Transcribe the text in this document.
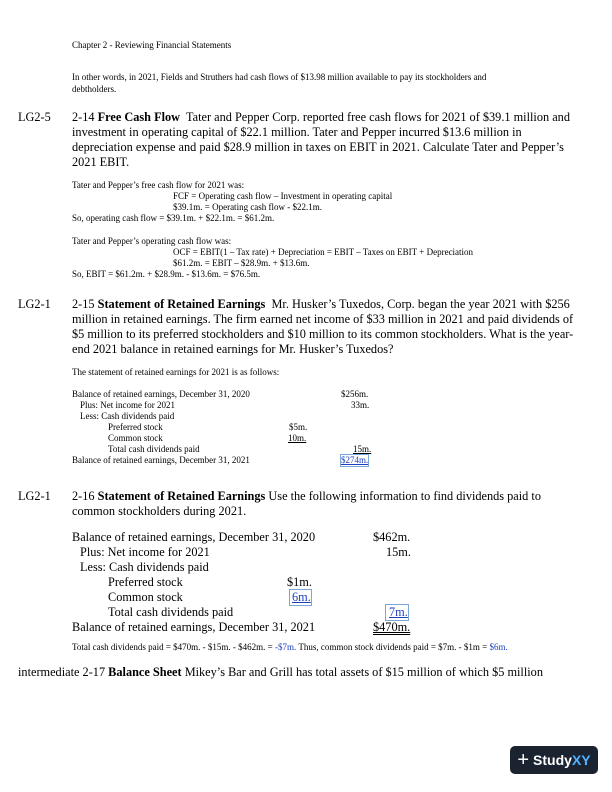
Chapter 2 - Reviewing Financial Statements
In other words, in 2021, Fields and Struthers had cash flows of $13.98 million available to pay its stockholders and
debtholders.
LG2-5 2-14 Free Cash Flow Tater and Pepper Corp. reported free cash flows for 2021 of $39.1 million and
investment in operating capital of $22.1 million. Tater and Pepper incurred $13.6 million in
depreciation expense and paid $28.9 million in taxes on EBIT in 2021. Calculate Tater and Pepper’s
2021 EBIT.
Tater and Pepper’s free cash flow for 2021 was:
FCF = Operating cash flow – Investment in operating capital
$39.1m. = Operating cash flow - $22.1m.
So, operating cash flow = $39.1m. + $22.1m. = $61.2m.
Tater and Pepper’s operating cash flow was:
OCF = EBIT(1 – Tax rate) + Depreciation = EBIT – Taxes on EBIT + Depreciation
$61.2m. = EBIT – $28.9m. + $13.6m.
So, EBIT = $61.2m. + $28.9m. - $13.6m. = $76.5m.
LG2-1 2-15 Statement of Retained Earnings Mr. Husker’s Tuxedos, Corp. began the year 2021 with $256
million in retained earnings. The firm earned net income of $33 million in 2021 and paid dividends of
$5 million to its preferred stockholders and $10 million to its common stockholders. What is the year-
end 2021 balance in retained earnings for Mr. Husker’s Tuxedos?
The statement of retained earnings for 2021 is as follows:
Balance of retained earnings, December 31, 2020	$256m.
Plus: Net income for 2021	33m.
Less: Cash dividends paid
Preferred stock	$5m.
Common stock	10m.
Total cash dividends paid	15m.
Balance of retained earnings, December 31, 2021	$274m.
LG2-1 2-16 Statement of Retained Earnings Use the following information to find dividends paid to
common stockholders during 2021.
Balance of retained earnings, December 31, 2020	$462m.
Plus: Net income for 2021	15m.
Less: Cash dividends paid
Preferred stock	$1m.
Common stock	6m.
Total cash dividends paid	7m.
Balance of retained earnings, December 31, 2021	$470m.
Total cash dividends paid = $470m. - $15m. - $462m. = -$7m. Thus, common stock dividends paid = $7m. - $1m = $6m.
intermediate 2-17 Balance Sheet Mikey’s Bar and Grill has total assets of $15 million of which $5 million
+ Study XY
